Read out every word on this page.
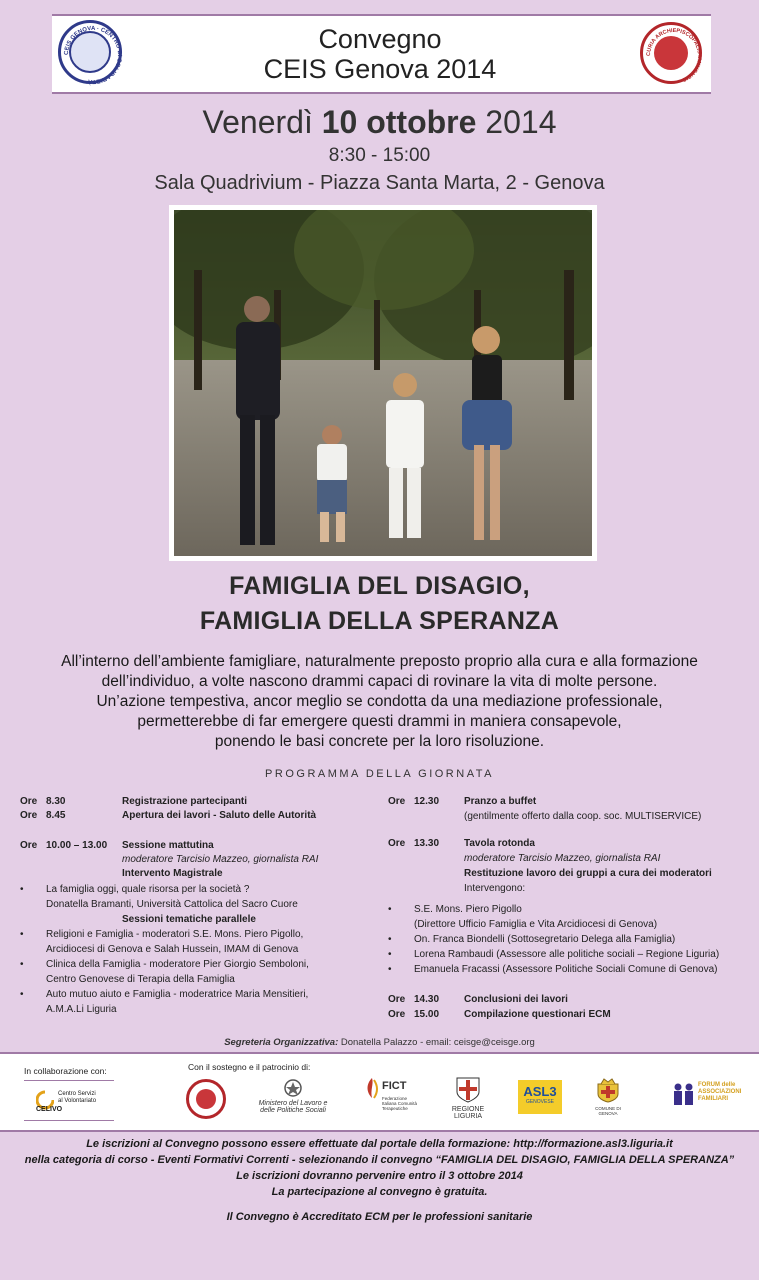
CEIS GENOVA · CENTRO DI SOLIDARIETÀ
Convegno
CEIS Genova 2014	CURIA ARCHIEPISCOPALIS IANUENSIS
Venerdì 10 ottobre 2014
8:30 - 15:00
Sala Quadrivium - Piazza Santa Marta, 2 - Genova
FAMIGLIA DEL DISAGIO,
FAMIGLIA DELLA SPERANZA
All’interno dell’ambiente famigliare, naturalmente preposto proprio alla cura e alla formazione
dell’individuo, a volte nascono drammi capaci di rovinare la vita di molte persone.
Un’azione tempestiva, ancor meglio se condotta da una mediazione professionale,
permetterebbe di far emergere questi drammi in maniera consapevole,
ponendo le basi concrete per la loro risoluzione.
PROGRAMMA DELLA GIORNATA
Ore 8.30	Registrazione partecipanti
Ore 8.45	Apertura dei lavori - Saluto delle Autorità
Ore 10.00 – 13.00 Sessione mattutina
moderatore Tarcisio Mazzeo, giornalista RAI
Intervento Magistrale
• La famiglia oggi, quale risorsa per la società ?
Donatella Bramanti, Università Cattolica del Sacro Cuore
Sessioni tematiche parallele
• Religioni e Famiglia - moderatori S.E. Mons. Piero Pigollo,
Arcidiocesi di Genova e Salah Hussein, IMAM di Genova
• Clinica della Famiglia - moderatore Pier Giorgio Semboloni,
Centro Genovese di Terapia della Famiglia
• Auto mutuo aiuto e Famiglia - moderatrice Maria Mensitieri,
A.M.A.Li Liguria
Ore 12.30 Pranzo a buffet
(gentilmente offerto dalla coop. soc. MULTISERVICE)
Ore 13.30 Tavola rotonda
moderatore Tarcisio Mazzeo, giornalista RAI
Restituzione lavoro dei gruppi a cura dei moderatori
Intervengono:
• S.E. Mons. Piero Pigollo
(Direttore Ufficio Famiglia e Vita Arcidiocesi di Genova)
• On. Franca Biondelli (Sottosegretario Delega alla Famiglia)
• Lorena Rambaudi (Assessore alle politiche sociali – Regione Liguria)
• Emanuela Fracassi (Assessore Politiche Sociali Comune di Genova)
Ore 14.30 Conclusioni dei lavori
Ore 15.00 Compilazione questionari ECM
Segreteria Organizzativa: Donatella Palazzo - email: ceisge@ceisge.org
In collaborazione con:
CELIVO
Centro Servizi al Volontariato
Con il sostegno e il patrocinio di:
Ministero del Lavoro e delle Politiche Sociali
FICT
Federazione Italiana Comunità Terapeutiche	REGIONE LIGURIA
ASL3
GENOVESE
COMUNE DI GENOVA
FORUM delle ASSOCIAZIONI FAMILIARI
Le iscrizioni al Convegno possono essere effettuate dal portale della formazione: http://formazione.asl3.liguria.it
nella categoria di corso - Eventi Formativi Correnti - selezionando il convegno “FAMIGLIA DEL DISAGIO, FAMIGLIA DELLA SPERANZA”
Le iscrizioni dovranno pervenire entro il 3 ottobre 2014
La partecipazione al convegno è gratuita.
Il Convegno è Accreditato ECM per le professioni sanitarie
